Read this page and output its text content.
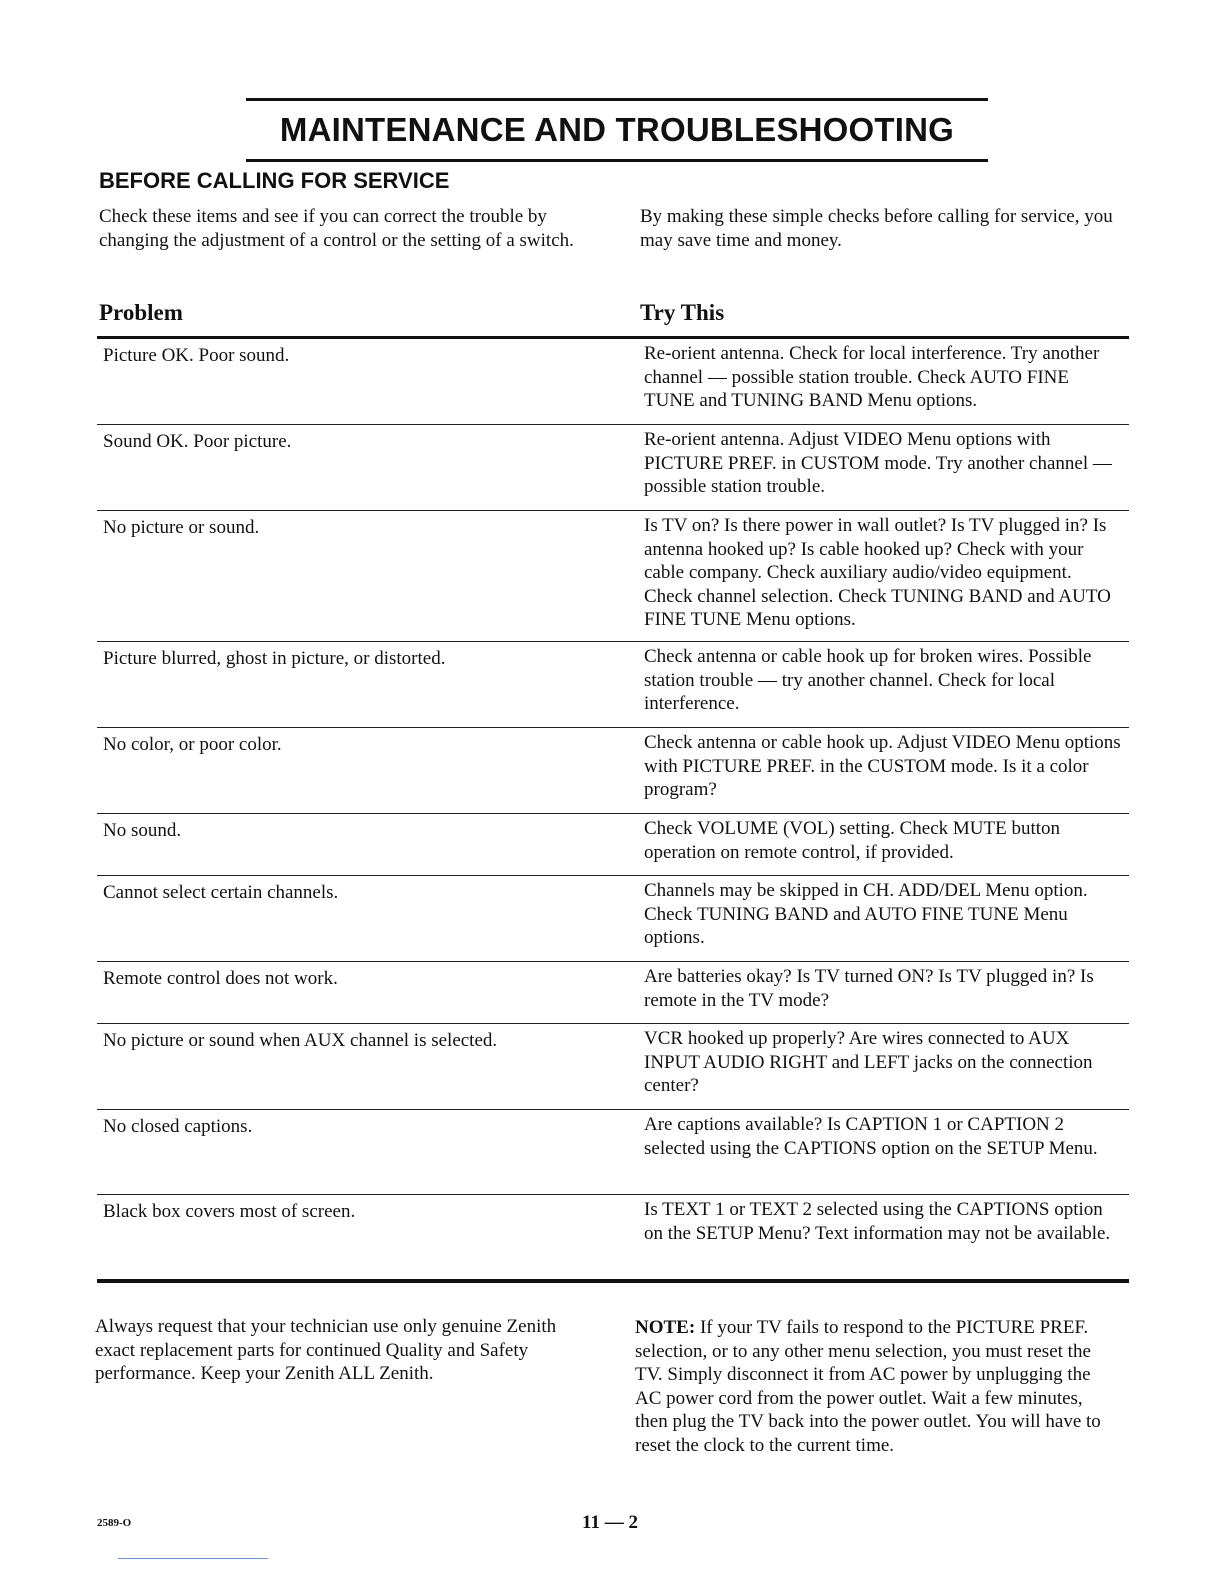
MAINTENANCE AND TROUBLESHOOTING
BEFORE CALLING FOR SERVICE
Check these items and see if you can correct the trouble by changing the adjustment of a control or the setting of a switch.
By making these simple checks before calling for service, you may save time and money.
Problem	Try This
Picture OK. Poor sound.	Re-orient antenna. Check for local interference. Try another channel — possible station trouble. Check AUTO FINE TUNE and TUNING BAND Menu options.
Sound OK. Poor picture.	Re-orient antenna. Adjust VIDEO Menu options with PICTURE PREF. in CUSTOM mode. Try another channel — possible station trouble.
No picture or sound.	Is TV on? Is there power in wall outlet? Is TV plugged in? Is antenna hooked up? Is cable hooked up? Check with your cable company. Check auxiliary audio/video equipment. Check channel selection. Check TUNING BAND and AUTO FINE TUNE Menu options.
Picture blurred, ghost in picture, or distorted.	Check antenna or cable hook up for broken wires. Possible station trouble — try another channel. Check for local interference.
No color, or poor color.	Check antenna or cable hook up. Adjust VIDEO Menu options with PICTURE PREF. in the CUSTOM mode. Is it a color program?
No sound.	Check VOLUME (VOL) setting. Check MUTE button operation on remote control, if provided.
Cannot select certain channels.	Channels may be skipped in CH. ADD/DEL Menu option. Check TUNING BAND and AUTO FINE TUNE Menu options.
Remote control does not work.	Are batteries okay? Is TV turned ON? Is TV plugged in? Is remote in the TV mode?
No picture or sound when AUX channel is selected.	VCR hooked up properly? Are wires connected to AUX INPUT AUDIO RIGHT and LEFT jacks on the connection center?
No closed captions.	Are captions available? Is CAPTION 1 or CAPTION 2 selected using the CAPTIONS option on the SETUP Menu.
Black box covers most of screen.	Is TEXT 1 or TEXT 2 selected using the CAPTIONS option on the SETUP Menu? Text information may not be available.
Always request that your technician use only genuine Zenith exact replacement parts for continued Quality and Safety performance. Keep your Zenith ALL Zenith.
NOTE: If your TV fails to respond to the PICTURE PREF. selection, or to any other menu selection, you must reset the TV. Simply disconnect it from AC power by unplugging the AC power cord from the power outlet. Wait a few minutes, then plug the TV back into the power outlet. You will have to reset the clock to the current time.
2589-O	11 — 2
